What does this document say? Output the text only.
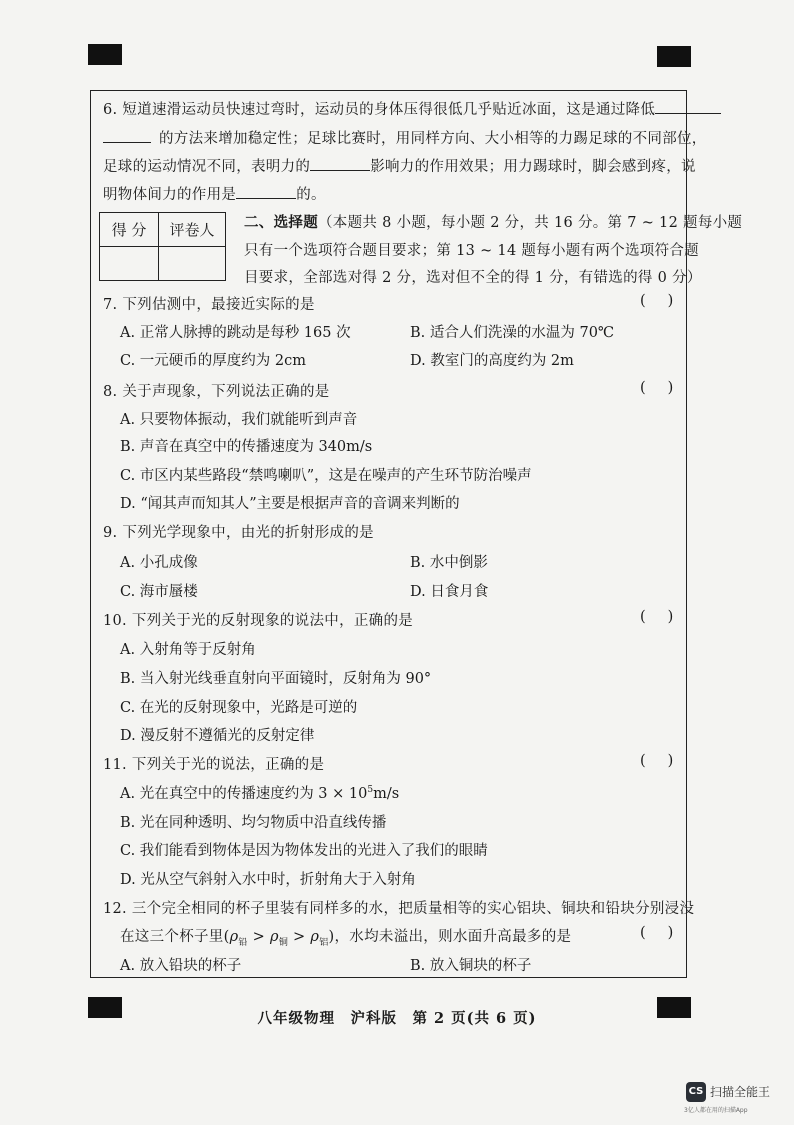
6. 短道速滑运动员快速过弯时，运动员的身体压得很低几乎贴近冰面，这是通过降低
的方法来增加稳定性；足球比赛时，用同样方向、大小相等的力踢足球的不同部位，
足球的运动情况不同，表明力的	影响力的作用效果；用力踢球时，脚会感到疼，说
明物体间力的作用是	的。
得 分	评卷人
	二、选择题（本题共 8 小题，每小题 2 分，共 16 分。第 7 ~ 12 题每小题
只有一个选项符合题目要求；第 13 ~ 14 题每小题有两个选项符合题
目要求，全部选对得 2 分，选对但不全的得 1 分，有错选的得 0 分）
7. 下列估测中，最接近实际的是	()
A. 正常人脉搏的跳动是每秒 165 次	B. 适合人们洗澡的水温为 70℃
C. 一元硬币的厚度约为 2cm	D. 教室门的高度约为 2m
8. 关于声现象，下列说法正确的是	()
A. 只要物体振动，我们就能听到声音
B. 声音在真空中的传播速度为 340m/s
C. 市区内某些路段“禁鸣喇叭”，这是在噪声的产生环节防治噪声
D. “闻其声而知其人”主要是根据声音的音调来判断的
9. 下列光学现象中，由光的折射形成的是
A. 小孔成像	B. 水中倒影
C. 海市蜃楼	D. 日食月食
10. 下列关于光的反射现象的说法中，正确的是	()
A. 入射角等于反射角
B. 当入射光线垂直射向平面镜时，反射角为 90°
C. 在光的反射现象中，光路是可逆的
D. 漫反射不遵循光的反射定律
11. 下列关于光的说法，正确的是	()
A. 光在真空中的传播速度约为 $3 \times 10^5m/s$
B. 光在同种透明、均匀物质中沿直线传播
C. 我们能看到物体是因为物体发出的光进入了我们的眼睛
D. 光从空气斜射入水中时，折射角大于入射角
12. 三个完全相同的杯子里装有同样多的水，把质量相等的实心铝块、铜块和铅块分别浸没
在这三个杯子里$(\rho_铅 > \rho_铜 > \rho_铝)$，水均未溢出，则水面升高最多的是	()
A. 放入铅块的杯子	B. 放入铜块的杯子
八年级物理　沪科版　第 2 页(共 6 页)
CS 扫描全能王
3亿人都在用的扫描App
